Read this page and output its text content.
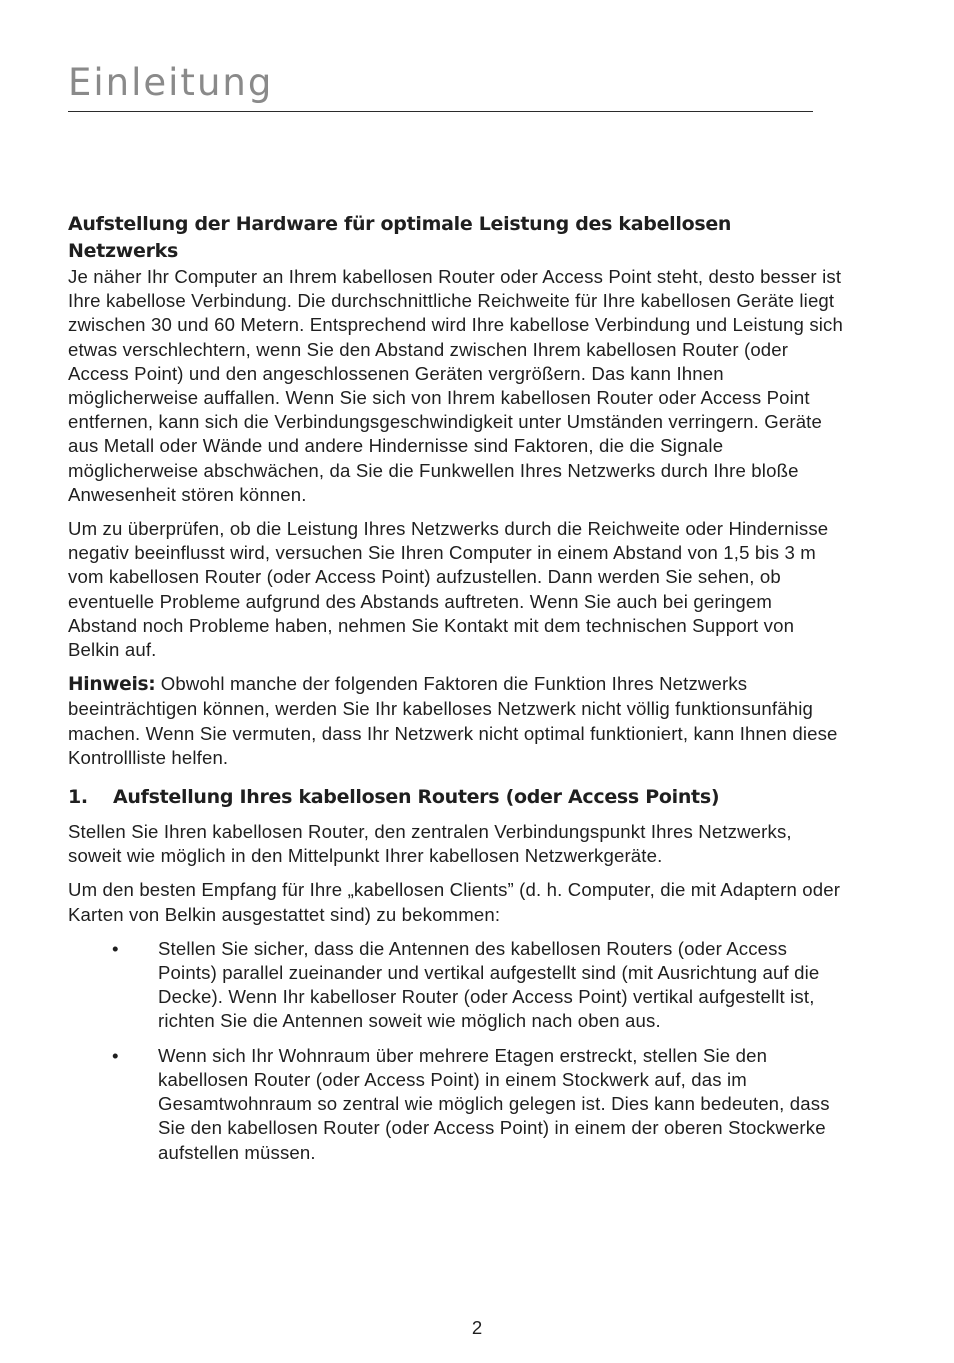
Einleitung
Aufstellung der Hardware für optimale Leistung des kabellosen
Netzwerks

Je näher Ihr Computer an Ihrem kabellosen Router oder Access Point steht, desto besser ist Ihre kabellose Verbindung. Die durchschnittliche Reichweite für Ihre kabellosen Geräte liegt zwischen 30 und 60 Metern. Entsprechend wird Ihre kabellose Verbindung und Leistung sich etwas verschlechtern, wenn Sie den Abstand zwischen Ihrem kabellosen Router (oder Access Point) und den angeschlossenen Geräten vergrößern. Das kann Ihnen möglicherweise auffallen. Wenn Sie sich von Ihrem kabellosen Router oder Access Point entfernen, kann sich die Verbindungsgeschwindigkeit unter Umständen verringern. Geräte aus Metall oder Wände und andere Hindernisse sind Faktoren, die die Signale möglicherweise abschwächen, da Sie die Funkwellen Ihres Netzwerks durch Ihre bloße Anwesenheit stören können.

Um zu überprüfen, ob die Leistung Ihres Netzwerks durch die Reichweite oder Hindernisse negativ beeinflusst wird, versuchen Sie Ihren Computer in einem Abstand von 1,5 bis 3 m vom kabellosen Router (oder Access Point) aufzustellen. Dann werden Sie sehen, ob eventuelle Probleme aufgrund des Abstands auftreten. Wenn Sie auch bei geringem Abstand noch Probleme haben, nehmen Sie Kontakt mit dem technischen Support von Belkin auf.

Hinweis: Obwohl manche der folgenden Faktoren die Funktion Ihres Netzwerks beeinträchtigen können, werden Sie Ihr kabelloses Netzwerk nicht völlig funktionsunfähig machen. Wenn Sie vermuten, dass Ihr Netzwerk nicht optimal funktioniert, kann Ihnen diese Kontrollliste helfen.

1.	Aufstellung Ihres kabellosen Routers (oder Access Points)

Stellen Sie Ihren kabellosen Router, den zentralen Verbindungspunkt Ihres Netzwerks, soweit wie möglich in den Mittelpunkt Ihrer kabellosen Netzwerkgeräte.

Um den besten Empfang für Ihre „kabellosen Clients” (d. h. Computer, die mit Adaptern oder Karten von Belkin ausgestattet sind) zu bekommen:

•	Stellen Sie sicher, dass die Antennen des kabellosen Routers (oder Access Points) parallel zueinander und vertikal aufgestellt sind (mit Ausrichtung auf die Decke). Wenn Ihr kabelloser Router (oder Access Point) vertikal aufgestellt ist, richten Sie die Antennen soweit wie möglich nach oben aus.
•	Wenn sich Ihr Wohnraum über mehrere Etagen erstreckt, stellen Sie den kabellosen Router (oder Access Point) in einem Stockwerk auf, das im Gesamtwohnraum so zentral wie möglich gelegen ist. Dies kann bedeuten, dass Sie den kabellosen Router (oder Access Point) in einem der oberen Stockwerke aufstellen müssen.
2
